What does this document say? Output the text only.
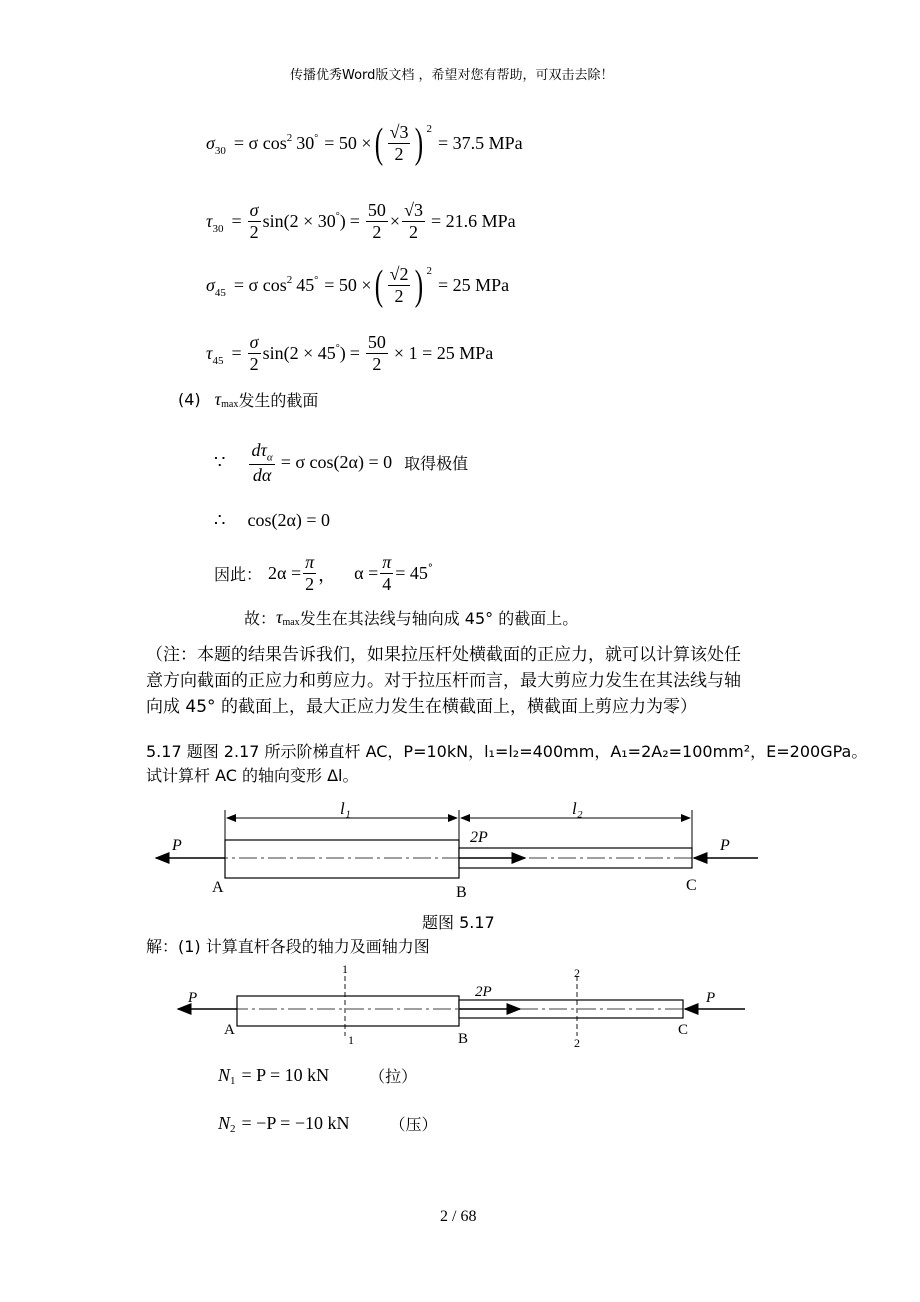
传播优秀Word版文档 ，希望对您有帮助，可双击去除！
$\sigma_{30} = \sigma$ $\cos^2 30$ ° = 50 × ( $\frac{√3}{2}$ ) $^2$
= 37.5 MPa
$\tau_{30} = \frac{\sigma}{2} \sin(2 \times 30$ ° ) = $\frac{50}{2} \times \frac{√3}{2} = 21.6$ MPa
$\sigma_{45} = \sigma$ $\cos^2 45$ ° = 50 × ( $\frac{√2}{2}$ ) $^2$
= 25 MPa
$\tau_{45} = \frac{\sigma}{2} \sin(2 \times 45$ ° ) = $\frac{50}{2} \times 1 = 25$ MPa
(4) $\tau_{max}$ 发生的截面
∵ $\frac{d\tau_\alpha}{d\alpha} = \sigma$ cos(2α) = 0 取得极值
∴ cos(2α) = 0
因此： $2\alpha = \frac{\pi}{2}$ ， $\alpha = \frac{\pi}{4} = 45$ °
故： $\tau_{max}$ 发生在其法线与轴向成 45° 的截面上。
（注：本题的结果告诉我们，如果拉压杆处横截面的正应力，就可以计算该处任
意方向截面的正应力和剪应力。对于拉压杆而言，最大剪应力发生在其法线与轴
向成 45° 的截面上，最大正应力发生在横截面上，横截面上剪应力为零）
5.17 题图 2.17 所示阶梯直杆 AC，P=10kN，l₁=l₂=400mm，A₁=2A₂=100mm²，E=200GPa。
试计算杆 AC 的轴向变形 Δl。
l₁	l₂
P	2P	P
A	B	C
题图 5.17
解：(1) 计算直杆各段的轴力及画轴力图
1
1
2
2
P	2P	P
A
B
C
$N_1 = P = 10$ kN	（拉）
$N_2 = -P = -10$ kN	（压）
2 / 68
